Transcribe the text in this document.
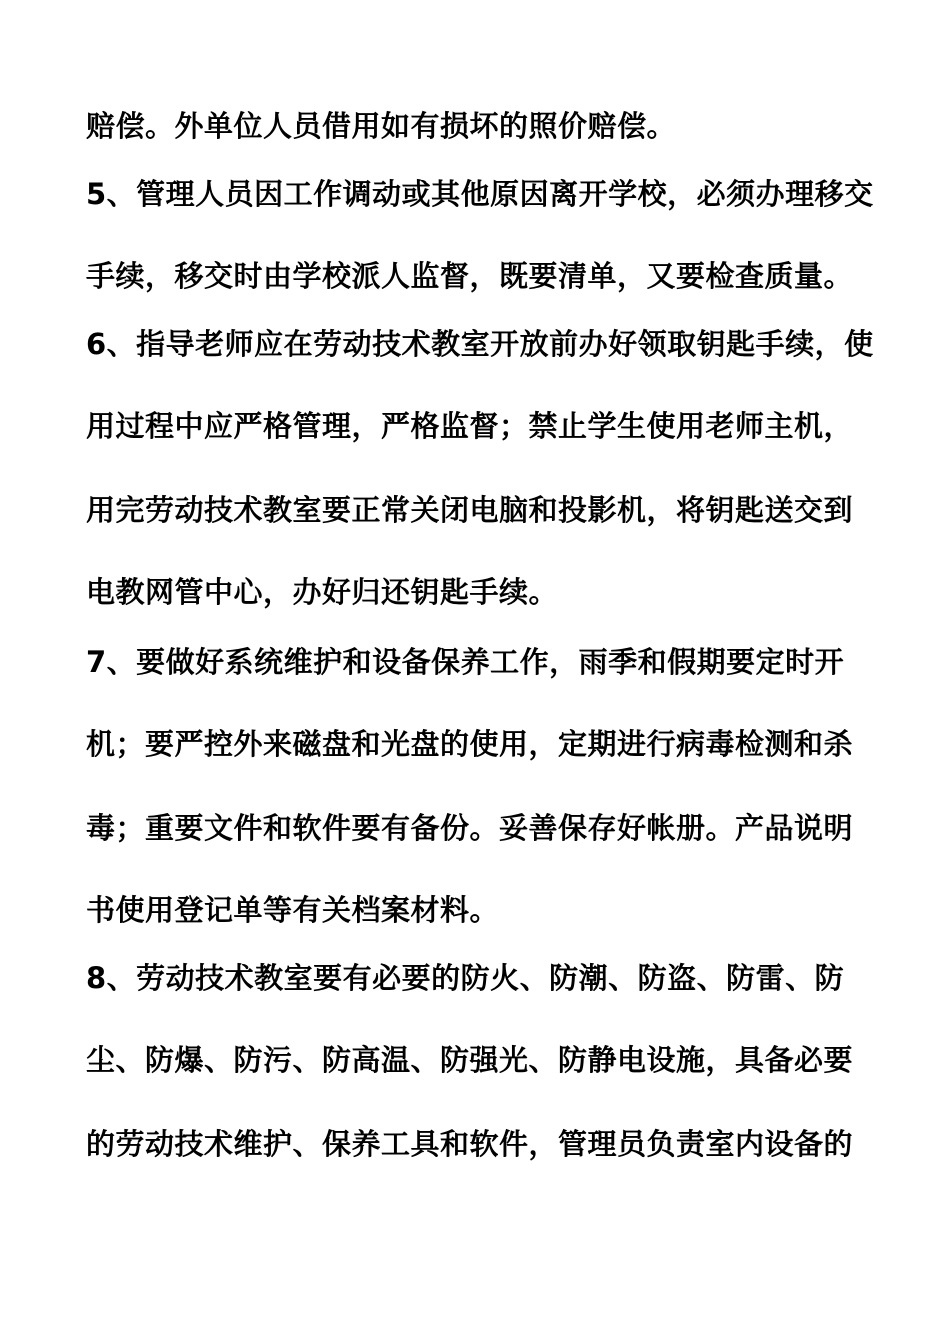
赔偿。外单位人员借用如有损坏的照价赔偿。
5、管理人员因工作调动或其他原因离开学校，必须办理移交
手续，移交时由学校派人监督，既要清单，又要检查质量。
6、指导老师应在劳动技术教室开放前办好领取钥匙手续，使
用过程中应严格管理，严格监督；禁止学生使用老师主机，
用完劳动技术教室要正常关闭电脑和投影机，将钥匙送交到
电教网管中心，办好归还钥匙手续。
7、要做好系统维护和设备保养工作，雨季和假期要定时开
机；要严控外来磁盘和光盘的使用，定期进行病毒检测和杀
毒；重要文件和软件要有备份。妥善保存好帐册。产品说明
书使用登记单等有关档案材料。
8、劳动技术教室要有必要的防火、防潮、防盗、防雷、防
尘、防爆、防污、防高温、防强光、防静电设施，具备必要
的劳动技术维护、保养工具和软件，管理员负责室内设备的
